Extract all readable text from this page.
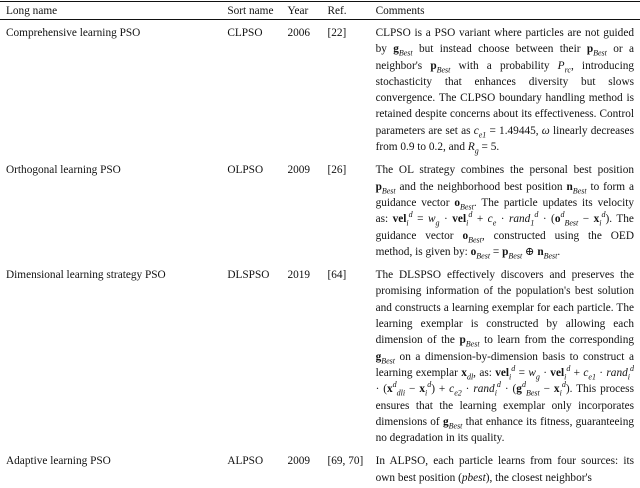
Long name	Sort name	Year	Ref.	Comments
Comprehensive learning PSO	CLPSO	2006	[22]	CLPSO is a PSO variant where particles are not guided by $g_{Best}$ but instead choose between their $p_{Best}$ or a neighbor's $p_{Best}$ with a probability $P_{rc}$, introducing stochasticity that enhances diversity but slows convergence. The CLPSO boundary handling method is retained despite concerns about its effectiveness. Control parameters are set as $c_{e1} = 1.49445$, ω linearly decreases from 0.9 to 0.2, and $R_g = 5$.
Orthogonal learning PSO	OLPSO	2009	[26]	The OL strategy combines the personal best position $p_{Best}$ and the neighborhood best position $n_{Best}$ to form a guidance vector $o_{Best}$. The particle updates its velocity as: $vel_i^d = w_g \cdot vel_i^d + c_e$ · rand$_1^d$ · $(o^d_{Best} - x_i^d)$. The guidance vector $o_{Best}$, constructed using the OED method, is given by: $o_{Best} = p_{Best}$ ⊕ $n_{Best}$.
Dimensional learning strategy PSO	DLSPSO	2019	[64]	The DLSPSO effectively discovers and preserves the promising information of the population's best solution and constructs a learning exemplar for each particle. The learning exemplar is constructed by allowing each dimension of the $p_{Best}$ to learn from the corresponding $g_{Best}$ on a dimension-by-dimension basis to construct a learning exemplar $x_{dl}$, as: $vel_i^d = w_g \cdot vel_i^d + c_{e1}$ · rand$_i^d$ · $(x^d_{dli} - x_i^d) + c_{e2}$ · rand$_i^d$ · $(g^d_{Best} - x_i^d)$. This process ensures that the learning exemplar only incorporates dimensions of $g_{Best}$ that enhance its fitness, guaranteeing no degradation in its quality.
Adaptive learning PSO	ALPSO	2009	[69, 70]	In ALPSO, each particle learns from four sources: its own best position (pbest), the closest neighbor's
